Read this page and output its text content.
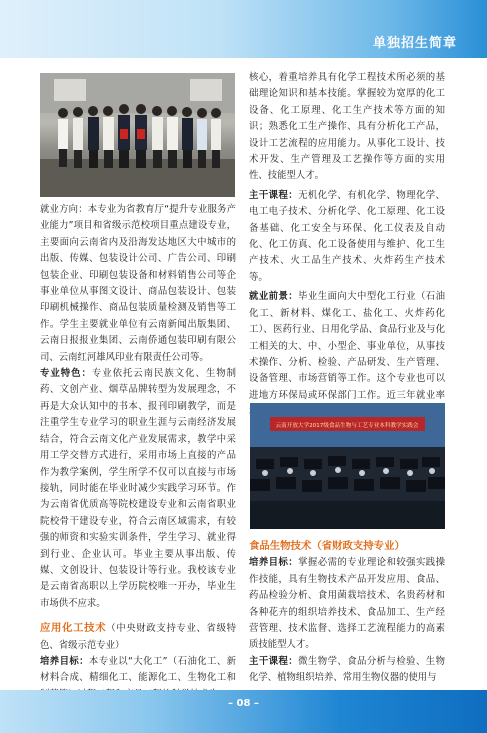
单独招生简章

就业方向：本专业为省教育厅“提升专业服务产业能力”项目和省级示范校项目重点建设专业，主要面向云南省内及沿海发达地区大中城市的出版、传媒、包装设计公司、广告公司、印刷包装企业、印刷包装设备和材料销售公司等企事业单位从事图文设计、商品包装设计、包装印刷机械操作、商品包装质量检测及销售等工作。学生主要就业单位有云南新闻出版集团、云南日报报业集团、云南侨通包装印刷有限公司、云南红河雄风印业有限责任公司等。

专业特色：专业依托云南民族文化、生物制药、文创产业、烟草品牌转型为发展理念，不再是大众认知中的书本、报刊印刷教学，而是注重学生专业学习的职业生涯与云南经济发展结合，符合云南文化产业发展需求，教学中采用工学交替方式进行，采用市场上直接的产品作为教学案例，学生所学不仅可以直接与市场接轨，同时能在毕业时减少实践学习环节。作为云南省优质高等院校建设专业和云南省职业院校骨干建设专业，符合云南区域需求，有较强的师资和实验实训条件，学生学习、就业得到行业、企业认可。毕业主要从事出版、传媒、文创设计、包装设计等行业。我校该专业是云南省高职以上学历院校唯一开办，毕业生市场供不应求。

应用化工技术（中央财政支持专业、省级特色、省级示范专业）

培养目标：本专业以“大化工”（石油化工、新材料合成、精细化工、能源化工、生物化工和

核心，着重培养具有化学工程技术所必须的基础理论知识和基本技能。掌握较为宽厚的化工设备、化工原理、化工生产技术等方面的知识；熟悉化工生产操作、具有分析化工产品，设计工艺流程的应用能力。从事化工设计、技术开发、生产管理及工艺操作等方面的实用性、技能型人才。

主干课程：无机化学、有机化学、物理化学、电工电子技术、分析化学、化工原理、化工设备基础、化工安全与环保、化工仪表及自动化、化工仿真、化工设备使用与维护、化工生产技术、火工品生产技术、火炸药生产技术等。

就业前景：毕业生面向大中型化工行业（石油化工、新材料、煤化工、盐化工、火炸药化工）、医药行业、日用化学品、食品行业及与化工相关的大、中、小型企、事业单位，从事技术操作、分析、检验、产品研发、生产管理、设备管理、市场营销等工作。这个专业也可以进地方环保局或环保部门工作。近三年就业率

云南开放大学2017级食品生物与工艺专业本科教学实践会

食品生物技术（省财政支持专业）

培养目标：掌握必需的专业理论和较强实践操作技能，具有生物技术产品开发应用、食品、药品检验分析、食用菌栽培技术、名贵药材和各种花卉的组织培养技术、食品加工、生产经营管理、技术监督、选择工艺流程能力的高素质技能型人才。

主干课程：微生物学、食品分析与检验、生物化学、植物组织培养、常用生物仪器的使用与

– 08 –
